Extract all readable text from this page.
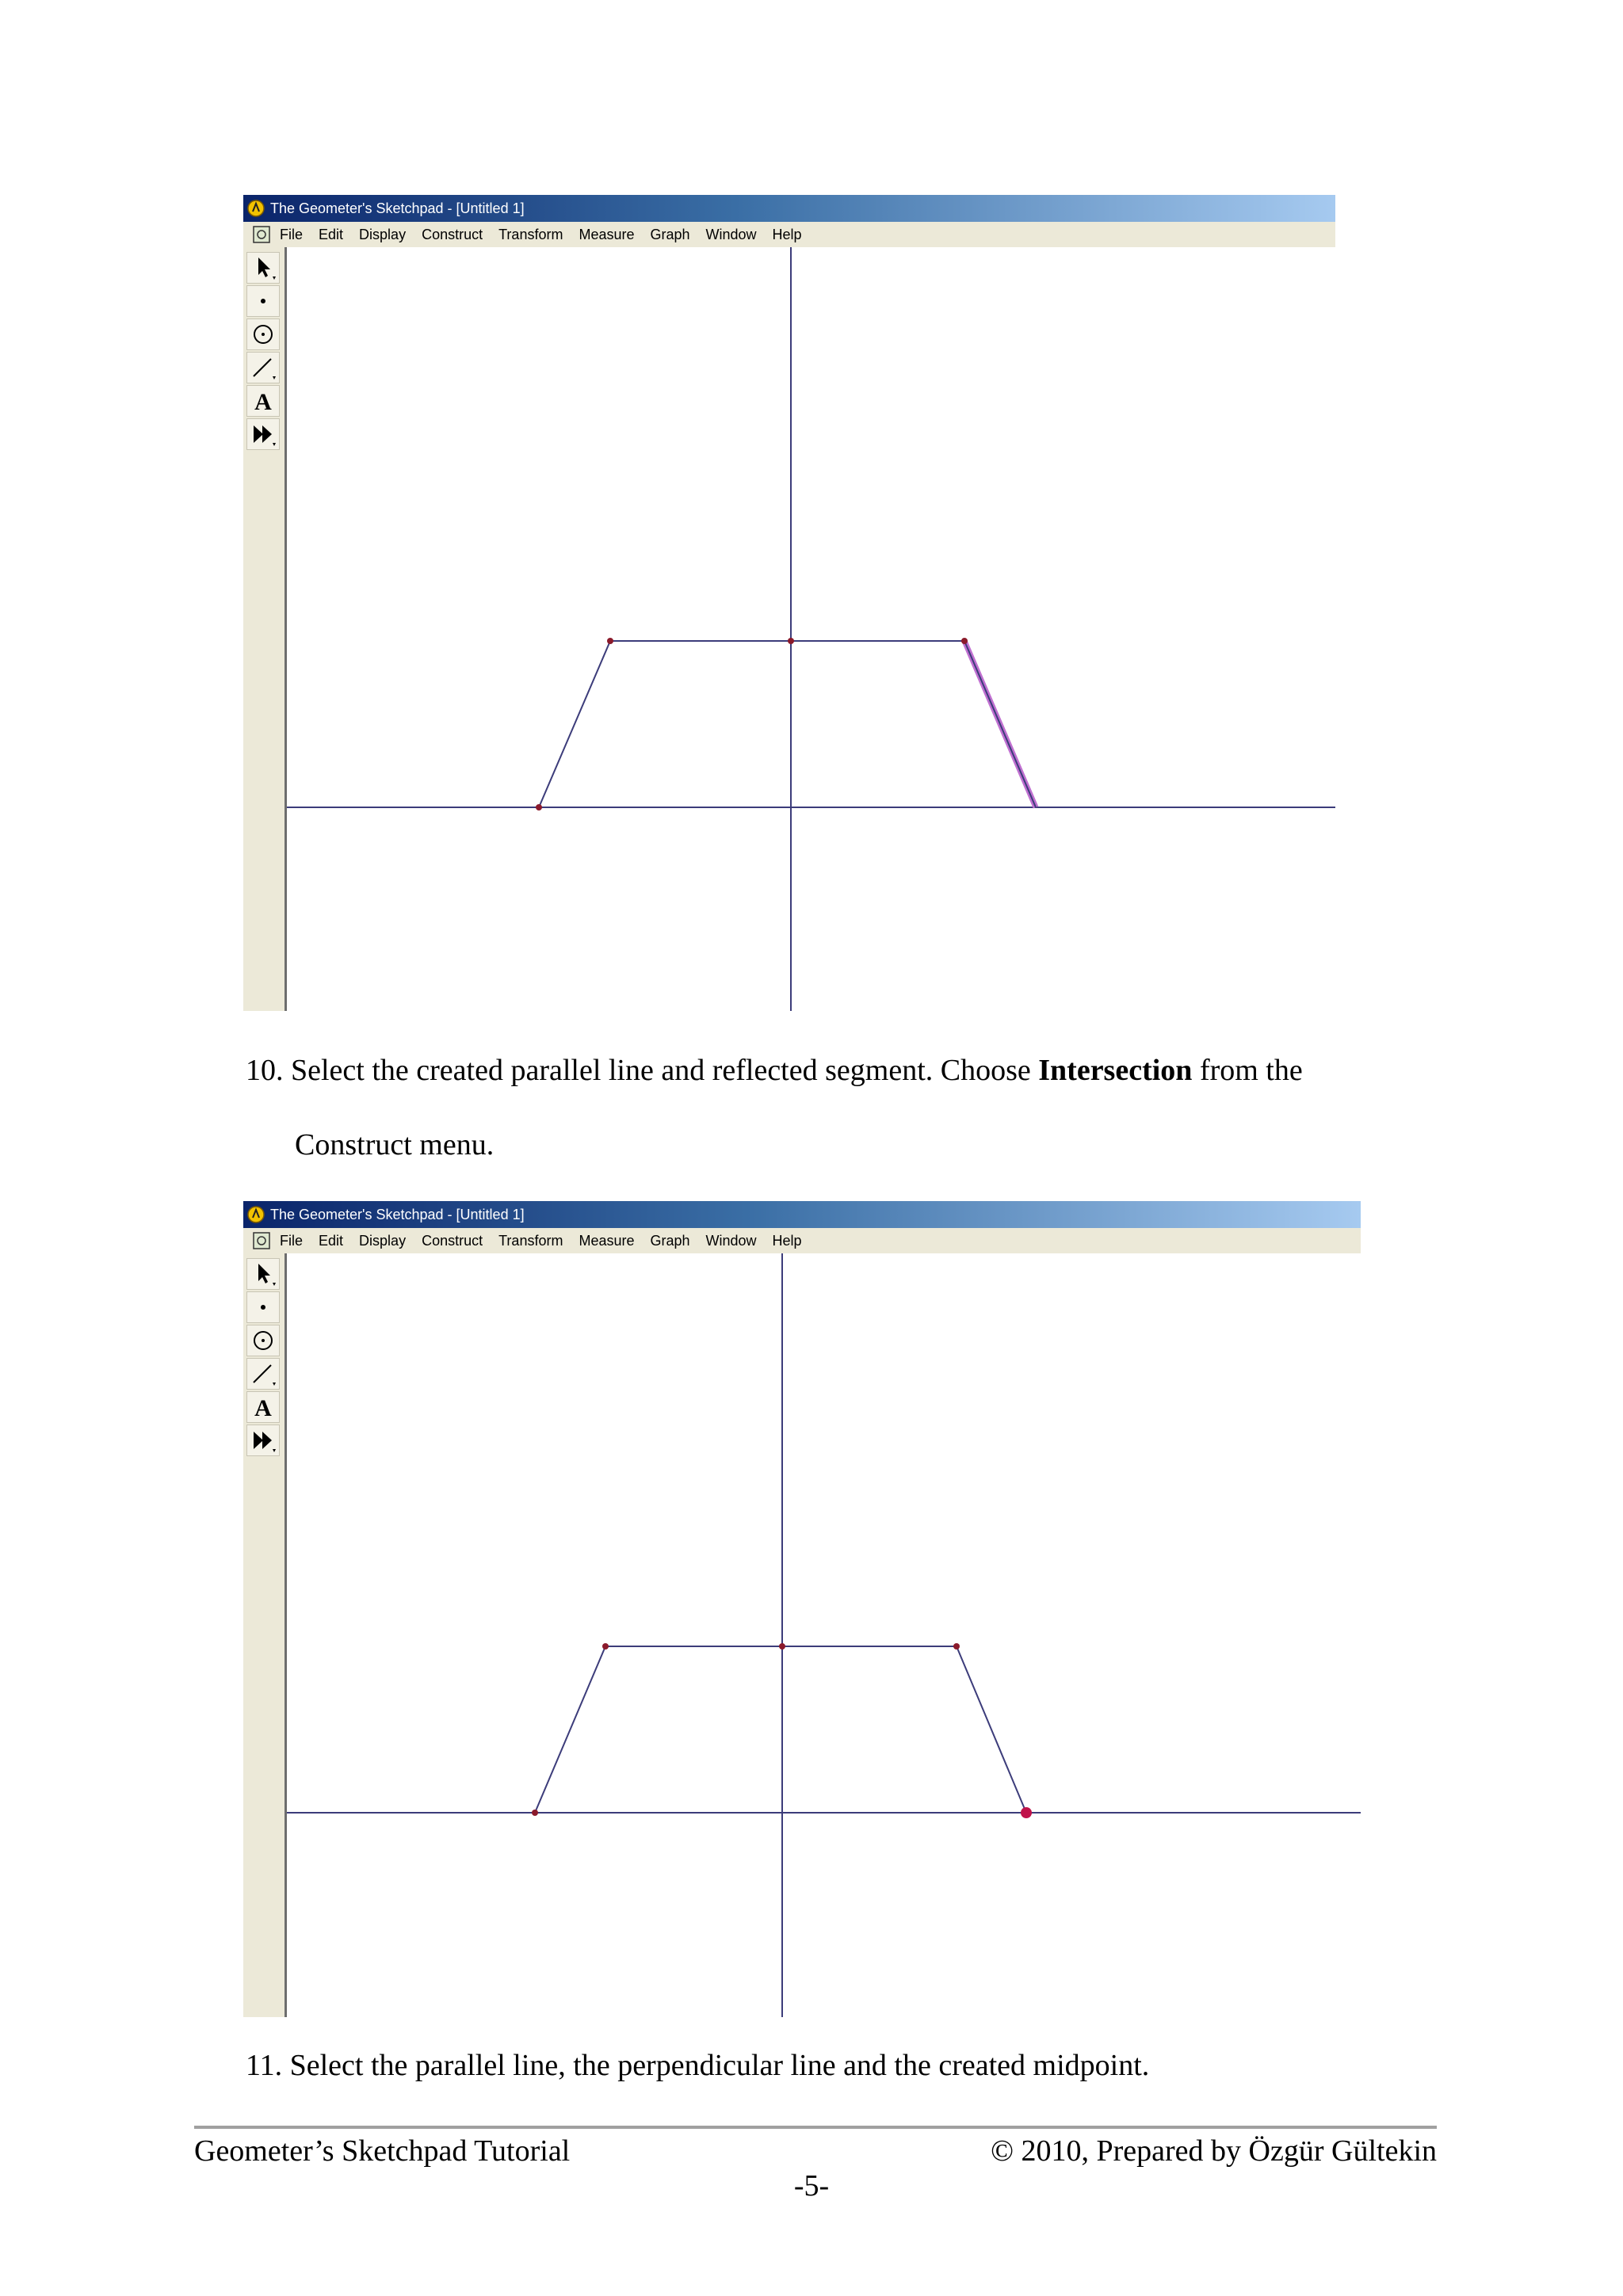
The Geometer's Sketchpad - [Untitled 1]
File Edit Display Construct Transform Measure Graph Window Help
A
10. Select the created parallel line and reflected segment. Choose Intersection from the
Construct menu.
The Geometer's Sketchpad - [Untitled 1]
File Edit Display Construct Transform Measure Graph Window Help
A
11. Select the parallel line, the perpendicular line and the created midpoint.
Geometer’s Sketchpad Tutorial	© 2010, Prepared by Özgür Gültekin
-5-
